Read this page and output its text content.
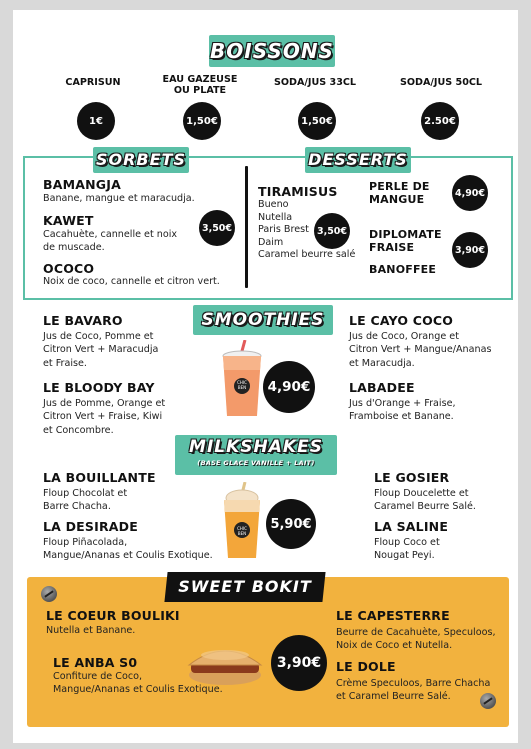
BOISSONS
CAPRISUN	EAU GAZEUSE
OU PLATE
SODA/JUS 33CL	SODA/JUS 50CL
1€	1,50€	1,50€	2.50€
SORBETS	DESSERTS
BAMANGJA
Banane, mangue et maracudja.
KAWET
Cacahuète, cannelle et noix
de muscade.
OCOCO
Noix de coco, cannelle et citron vert.
3,50€
TIRAMISUS
Bueno
Nutella
Paris Brest
Daim
Caramel beurre salé
3,50€
PERLE DE
MANGUE	4,90€
DIPLOMATE
FRAISE	3,90€
BANOFFEE
SMOOTHIES
LE BAVARO
Jus de Coco, Pomme et
Citron Vert + Maracudja
et Fraise.
LE BLOODY BAY
Jus de Pomme, Orange et
Citron Vert + Fraise, Kiwi
et Concombre.
LE CAYO COCO
Jus de Coco, Orange et
Citron Vert + Mangue/Ananas
et Maracudja.
LABADEE
Jus d'Orange + Fraise,
Framboise et Banane.
CHIC BEN	4,90€
MILKSHAKES
(BASE GLACE VANILLE + LAIT)
LA BOUILLANTE
Floup Chocolat et
Barre Chacha.
LA DESIRADE
Floup Piñacolada,
Mangue/Ananas et Coulis Exotique.
LE GOSIER
Floup Doucelette et
Caramel Beurre Salé.
LA SALINE
Floup Coco et
Nougat Peyi.
CHIC BEN
5,90€
SWEET BOKIT
LE COEUR BOULIKI
Nutella et Banane.
LE ANBA S0
Confiture de Coco,
Mangue/Ananas et Coulis Exotique.
LE CAPESTERRE
Beurre de Cacahuète, Speculoos,
Noix de Coco et Nutella.
LE DOLE
Crème Speculoos, Barre Chacha
et Caramel Beurre Salé.
3,90€
